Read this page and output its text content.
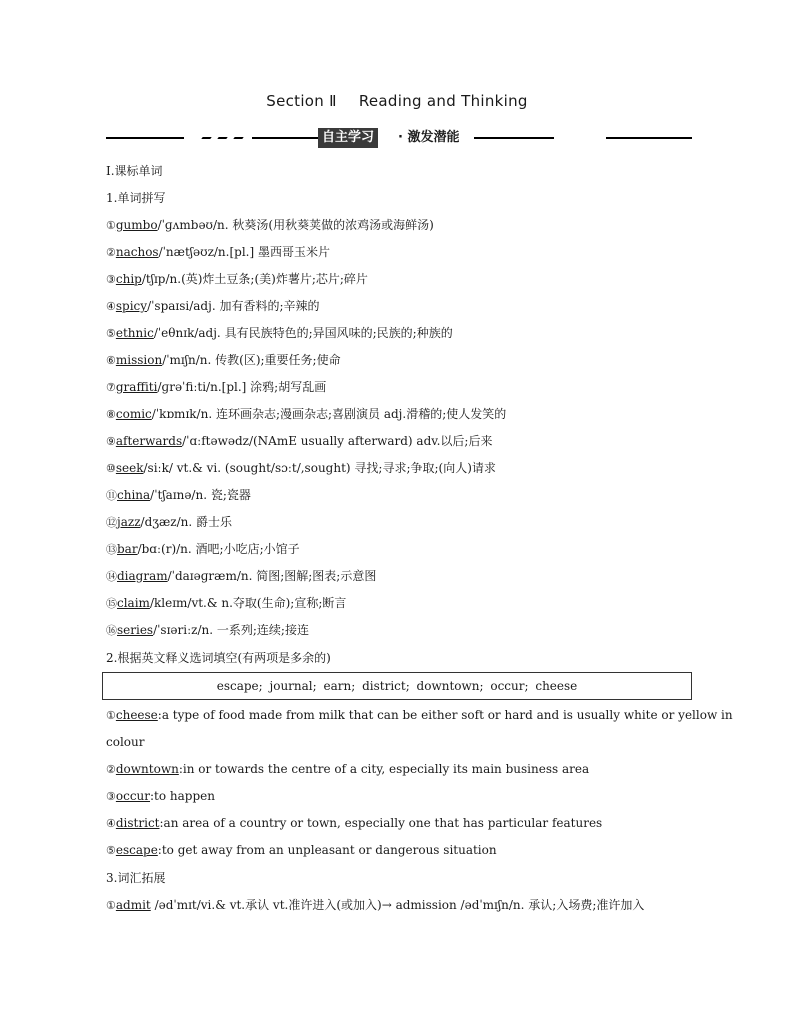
Section Ⅱ Reading and Thinking
自主学习	· 激发潜能
Ⅰ.课标单词
1.单词拼写
①gumbo/ˈɡʌmbəʊ/n. 秋葵汤(用秋葵荚做的浓鸡汤或海鲜汤)
②nachos/ˈnætʃəʊz/n.[pl.] 墨西哥玉米片
③chip/tʃɪp/n.(英)炸土豆条;(美)炸薯片;芯片;碎片
④spicy/ˈspaɪsi/adj. 加有香料的;辛辣的
⑤ethnic/ˈeθnɪk/adj. 具有民族特色的;异国风味的;民族的;种族的
⑥mission/ˈmɪʃn/n. 传教(区);重要任务;使命
⑦graffiti/ɡrəˈfiːti/n.[pl.] 涂鸦;胡写乱画
⑧comic/ˈkɒmɪk/n. 连环画杂志;漫画杂志;喜剧演员 adj.滑稽的;使人发笑的
⑨afterwards/ˈɑːftəwədz/(NAmE usually afterward) adv.以后;后来
⑩seek/siːk/ vt.& vi. (sought/sɔːt/,sought) 寻找;寻求;争取;(向人)请求
⑪china/ˈtʃaɪnə/n. 瓷;瓷器
⑫jazz/dʒæz/n. 爵士乐
⑬bar/bɑː(r)/n. 酒吧;小吃店;小馆子
⑭diagram/ˈdaɪəɡræm/n. 简图;图解;图表;示意图
⑮claim/kleɪm/vt.& n.夺取(生命);宣称;断言
⑯series/ˈsɪəriːz/n. 一系列;连续;接连
2.根据英文释义选词填空(有两项是多余的)
escape; journal; earn; district; downtown; occur; cheese
①cheese:a type of food made from milk that can be either soft or hard and is usually white or yellow in
colour
②downtown:in or towards the centre of a city, especially its main business area
③occur:to happen
④district:an area of a country or town, especially one that has particular features
⑤escape:to get away from an unpleasant or dangerous situation
3.词汇拓展
①admit /ədˈmɪt/vi.& vt.承认 vt.准许进入(或加入)→ admission /ədˈmɪʃn/n. 承认;入场费;准许加入
